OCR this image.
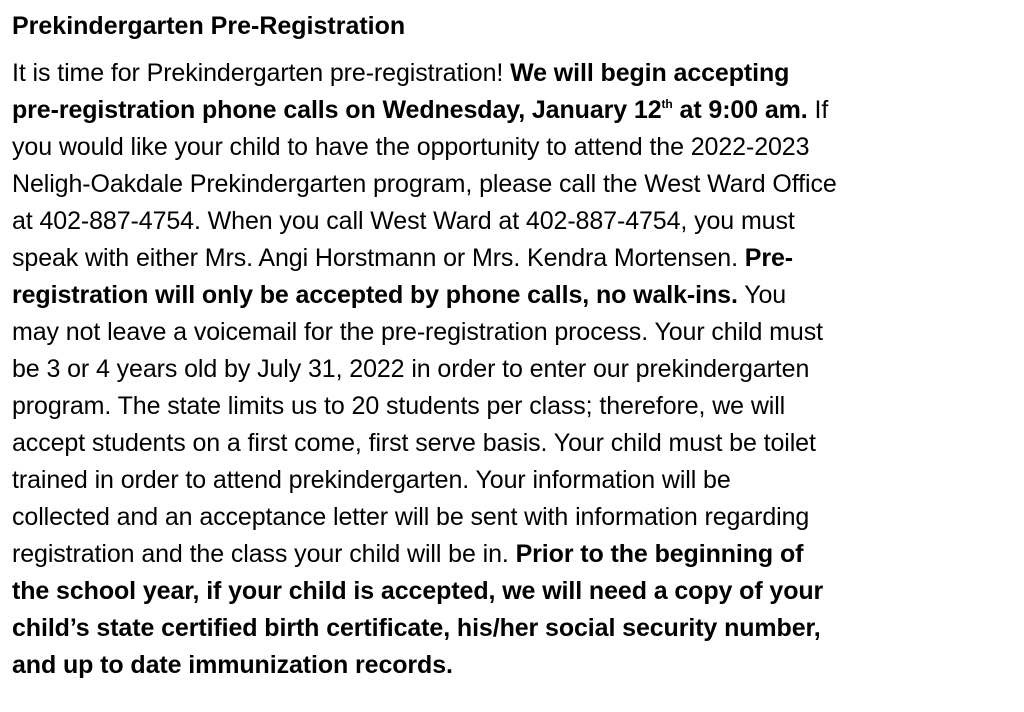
Prekindergarten Pre-Registration
It is time for Prekindergarten pre-registration! We will begin accepting
pre-registration phone calls on Wednesday, January 12th at 9:00 am. If
you would like your child to have the opportunity to attend the 2022-2023
Neligh-Oakdale Prekindergarten program, please call the West Ward Office
at 402-887-4754. When you call West Ward at 402-887-4754, you must
speak with either Mrs. Angi Horstmann or Mrs. Kendra Mortensen. Pre-
registration will only be accepted by phone calls, no walk-ins. You
may not leave a voicemail for the pre-registration process. Your child must
be 3 or 4 years old by July 31, 2022 in order to enter our prekindergarten
program. The state limits us to 20 students per class; therefore, we will
accept students on a first come, first serve basis. Your child must be toilet
trained in order to attend prekindergarten. Your information will be
collected and an acceptance letter will be sent with information regarding
registration and the class your child will be in. Prior to the beginning of
the school year, if your child is accepted, we will need a copy of your
child’s state certified birth certificate, his/her social security number,
and up to date immunization records.
